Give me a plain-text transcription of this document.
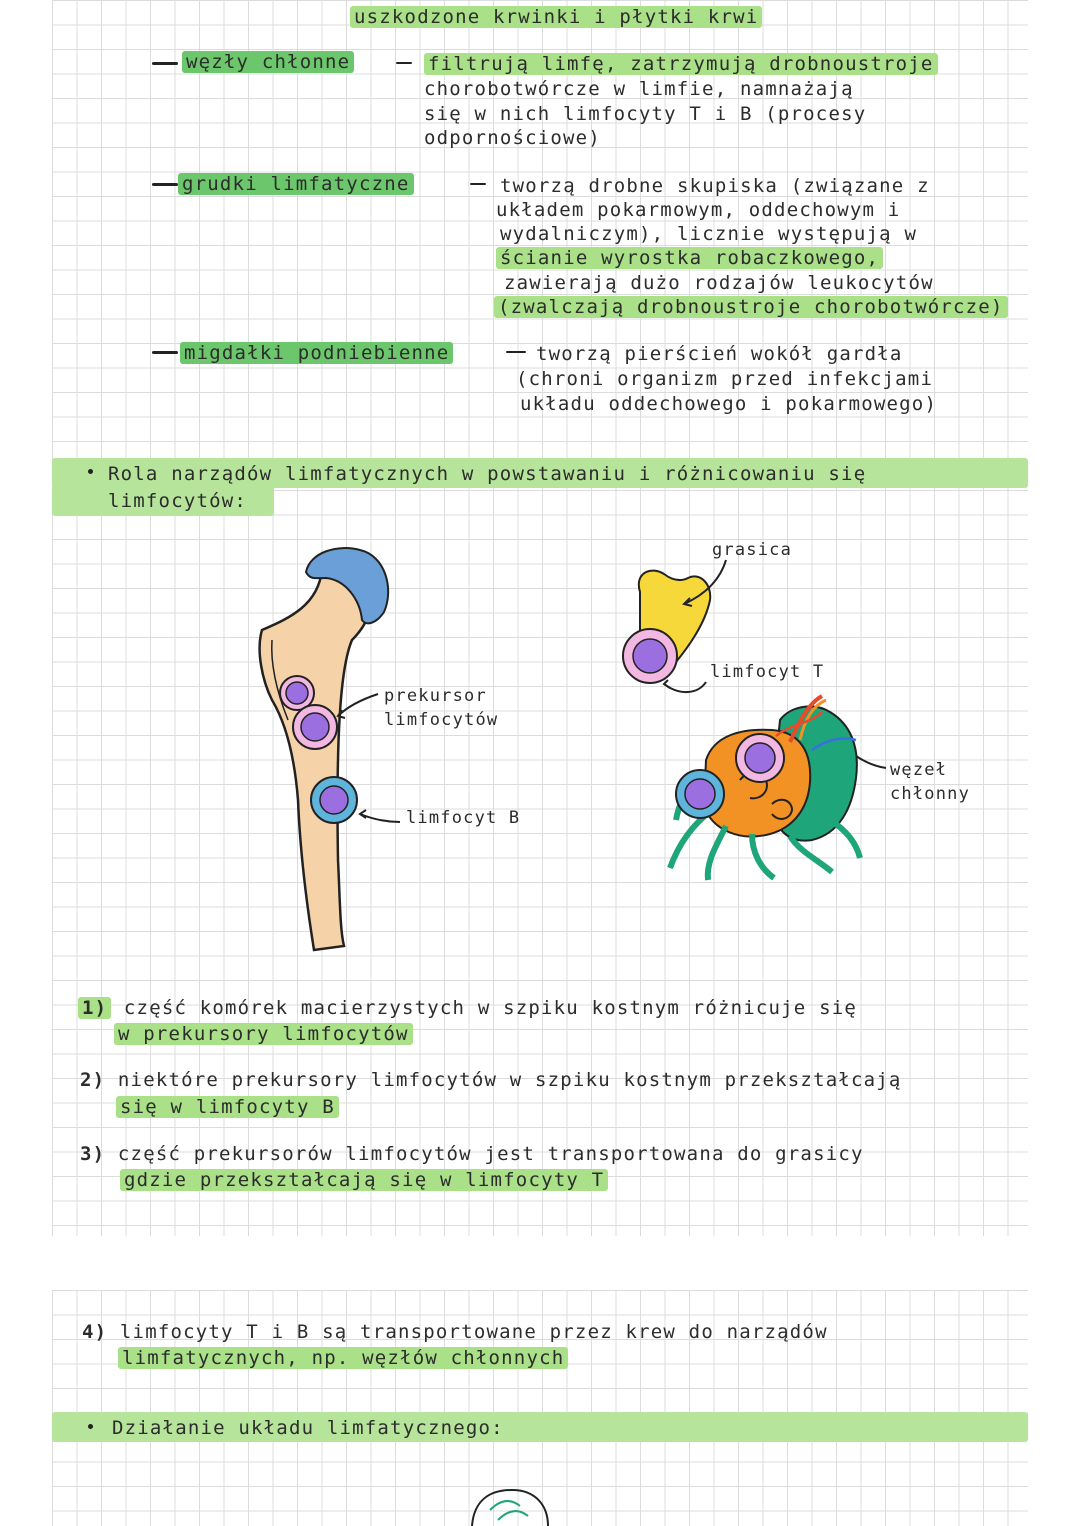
uszkodzone krwinki i płytki krwi
węzły chłonne	filtrują limfę, zatrzymują drobnoustroje
chorobotwórcze w limfie, namnażają
się w nich limfocyty T i B (procesy
odpornościowe)
grudki limfatyczne	tworzą drobne skupiska (związane z
układem pokarmowym, oddechowym i
wydalniczym), licznie występują w
ścianie wyrostka robaczkowego,
zawierają dużo rodzajów leukocytów
(zwalczają drobnoustroje chorobotwórcze)
migdałki podniebienne	tworzą pierścień wokół gardła
(chroni organizm przed infekcjami
układu oddechowego i pokarmowego)
Rola narządów limfatycznych w powstawaniu i różnicowaniu się
limfocytów:
prekursor
limfocytów
limfocyt B
grasica
limfocyt T
węzeł
chłonny
1) część komórek macierzystych w szpiku kostnym różnicuje się
w prekursory limfocytów
2) niektóre prekursory limfocytów w szpiku kostnym przekształcają
się w limfocyty B
3) część prekursorów limfocytów jest transportowana do grasicy
gdzie przekształcają się w limfocyty T
4) limfocyty T i B są transportowane przez krew do narządów
limfatycznych, np. węzłów chłonnych
Działanie układu limfatycznego:
